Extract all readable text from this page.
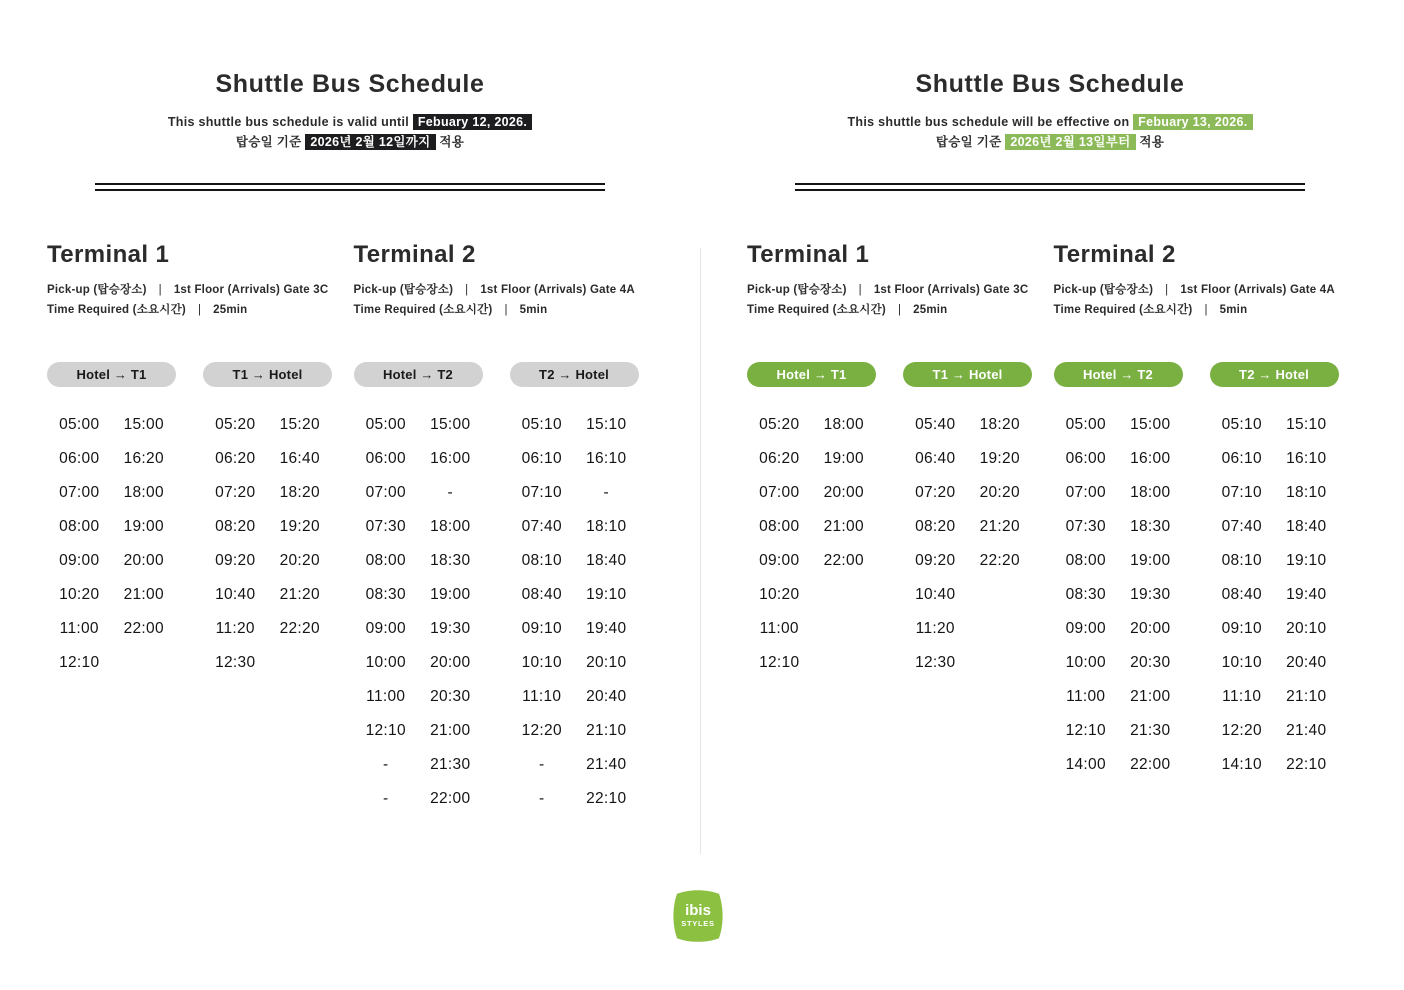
Shuttle Bus Schedule

This shuttle bus schedule is valid until Febuary 12, 2026.

탑승일 기준 2026년 2월 12일까지 적용

Terminal 1
Pick-up (탑승장소) | 1st Floor (Arrivals) Gate 3C
Time Required (소요시간) | 25min
Hotel → T1
05:00	15:00
06:00	16:20
07:00	18:00
08:00	19:00
09:00	20:00
10:20	21:00
11:00	22:00
12:10
T1 → Hotel
05:20	15:20
06:20	16:40
07:20	18:20
08:20	19:20
09:20	20:20
10:40	21:20
11:20	22:20
12:30
Terminal 2
Pick-up (탑승장소) | 1st Floor (Arrivals) Gate 4A
Time Required (소요시간) | 5min
Hotel → T2
05:00	15:00
06:00	16:00
07:00	-
07:30	18:00
08:00	18:30
08:30	19:00
09:00	19:30
10:00	20:00
11:00	20:30
12:10	21:00
-	21:30
-	22:00
T2 → Hotel
05:10	15:10
06:10	16:10
07:10	-
07:40	18:10
08:10	18:40
08:40	19:10
09:10	19:40
10:10	20:10
11:10	20:40
12:20	21:10
-	21:40
-	22:10
Shuttle Bus Schedule

This shuttle bus schedule will be effective on Febuary 13, 2026.

탑승일 기준 2026년 2월 13일부터 적용

Terminal 1
Pick-up (탑승장소) | 1st Floor (Arrivals) Gate 3C
Time Required (소요시간) | 25min
Hotel → T1
05:20	18:00
06:20	19:00
07:00	20:00
08:00	21:00
09:00	22:00
10:20
11:00
12:10
T1 → Hotel
05:40	18:20
06:40	19:20
07:20	20:20
08:20	21:20
09:20	22:20
10:40
11:20
12:30
Terminal 2
Pick-up (탑승장소) | 1st Floor (Arrivals) Gate 4A
Time Required (소요시간) | 5min
Hotel → T2
05:00	15:00
06:00	16:00
07:00	18:00
07:30	18:30
08:00	19:00
08:30	19:30
09:00	20:00
10:00	20:30
11:00	21:00
12:10	21:30
14:00	22:00
T2 → Hotel
05:10	15:10
06:10	16:10
07:10	18:10
07:40	18:40
08:10	19:10
08:40	19:40
09:10	20:10
10:10	20:40
11:10	21:10
12:20	21:40
14:10	22:10
ibis
STYLES
